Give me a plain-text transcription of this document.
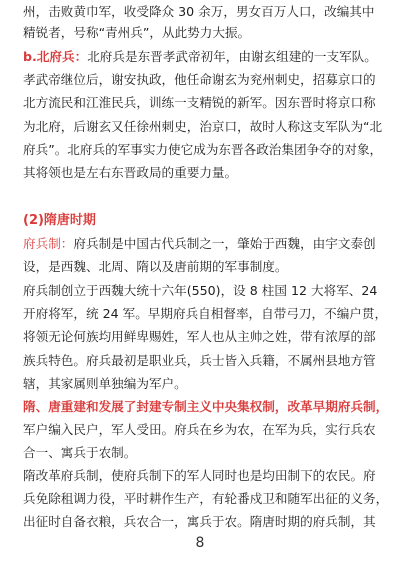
州，击败黄巾军，收受降众 30 余万，男女百万人口，改编其中
精锐者，号称“青州兵”，从此势力大振。
b.北府兵：北府兵是东晋孝武帝初年，由谢玄组建的一支军队。
孝武帝继位后，谢安执政，他任命谢玄为兖州刺史，招募京口的
北方流民和江淮民兵，训练一支精锐的新军。因东晋时将京口称
为北府，后谢玄又任徐州刺史，治京口，故时人称这支军队为“北
府兵”。北府兵的军事实力使它成为东晋各政治集团争夺的对象，
其将领也是左右东晋政局的重要力量。
(2)隋唐时期
府兵制：府兵制是中国古代兵制之一，肇始于西魏，由宇文泰创
设，是西魏、北周、隋以及唐前期的军事制度。
府兵制创立于西魏大统十六年(550)，设 8 柱国 12 大将军、24
开府将军，统 24 军。早期府兵自相督率，自带弓刀，不编户贯，
将领无论何族均用鲜卑赐姓，军人也从主帅之姓，带有浓厚的部
族兵特色。府兵最初是职业兵，兵士皆入兵籍，不属州县地方管
辖，其家属则单独编为军户。
隋、唐重建和发展了封建专制主义中央集权制，改革早期府兵制，
军户编入民户，军人受田。府兵在乡为农，在军为兵，实行兵农
合一、寓兵于农制。
隋改革府兵制，使府兵制下的军人同时也是均田制下的农民。府
兵免除租调力役，平时耕作生产，有轮番戍卫和随军出征的义务，
出征时自备衣粮，兵农合一，寓兵于农。隋唐时期的府兵制，其
8
